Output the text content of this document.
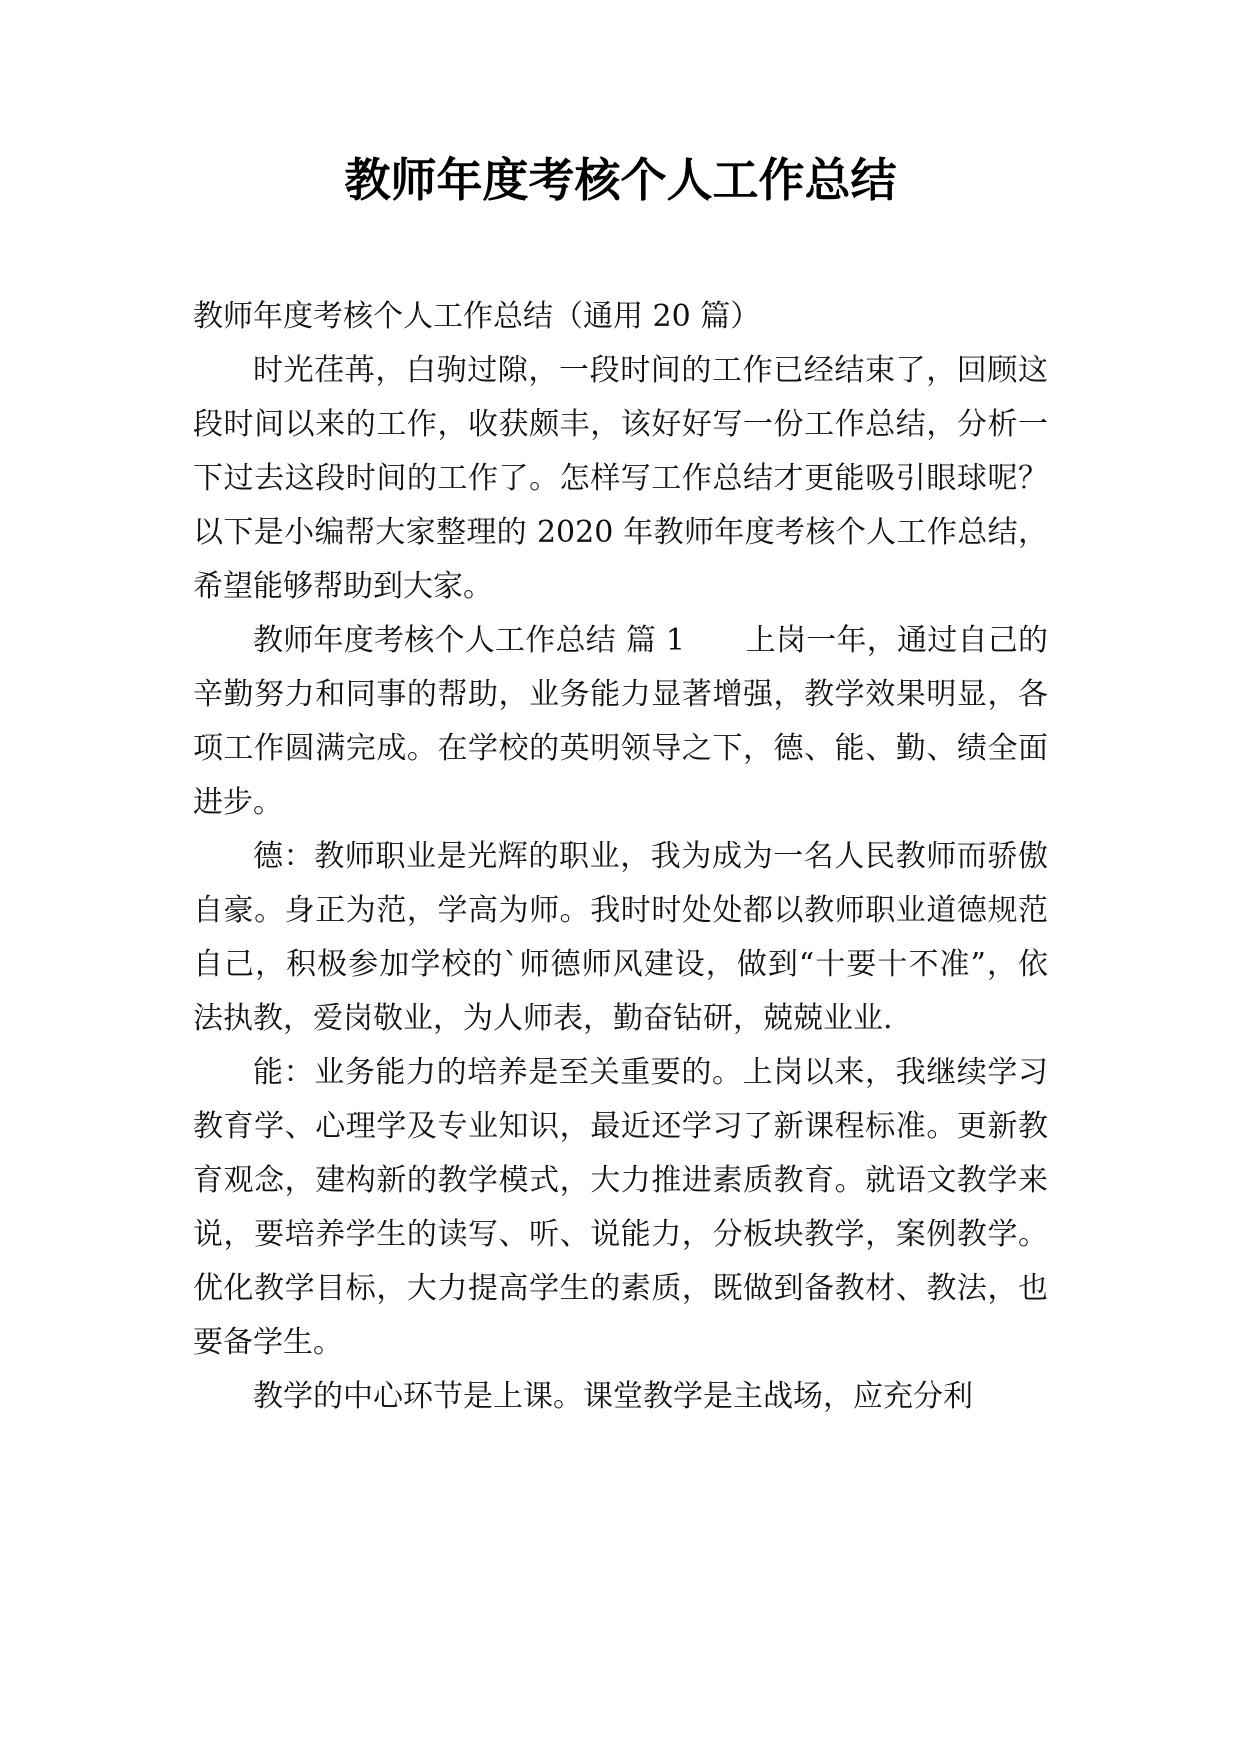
教师年度考核个人工作总结

教师年度考核个人工作总结（通用 20 篇）

时光荏苒，白驹过隙，一段时间的工作已经结束了，回顾这段时间以来的工作，收获颇丰，该好好写一份工作总结，分析一下过去这段时间的工作了。怎样写工作总结才更能吸引眼球呢？以下是小编帮大家整理的 2020 年教师年度考核个人工作总结，希望能够帮助到大家。

教师年度考核个人工作总结 篇 1　　上岗一年，通过自己的辛勤努力和同事的帮助，业务能力显著增强，教学效果明显，各项工作圆满完成。在学校的英明领导之下，德、能、勤、绩全面进步。

德：教师职业是光辉的职业，我为成为一名人民教师而骄傲自豪。身正为范，学高为师。我时时处处都以教师职业道德规范自己，积极参加学校的`师德师风建设，做到“十要十不准”，依法执教，爱岗敬业，为人师表，勤奋钻研，兢兢业业.

能：业务能力的培养是至关重要的。上岗以来，我继续学习教育学、心理学及专业知识，最近还学习了新课程标准。更新教育观念，建构新的教学模式，大力推进素质教育。就语文教学来说，要培养学生的读写、听、说能力，分板块教学，案例教学。优化教学目标，大力提高学生的素质，既做到备教材、教法，也要备学生。

教学的中心环节是上课。课堂教学是主战场，应充分利
